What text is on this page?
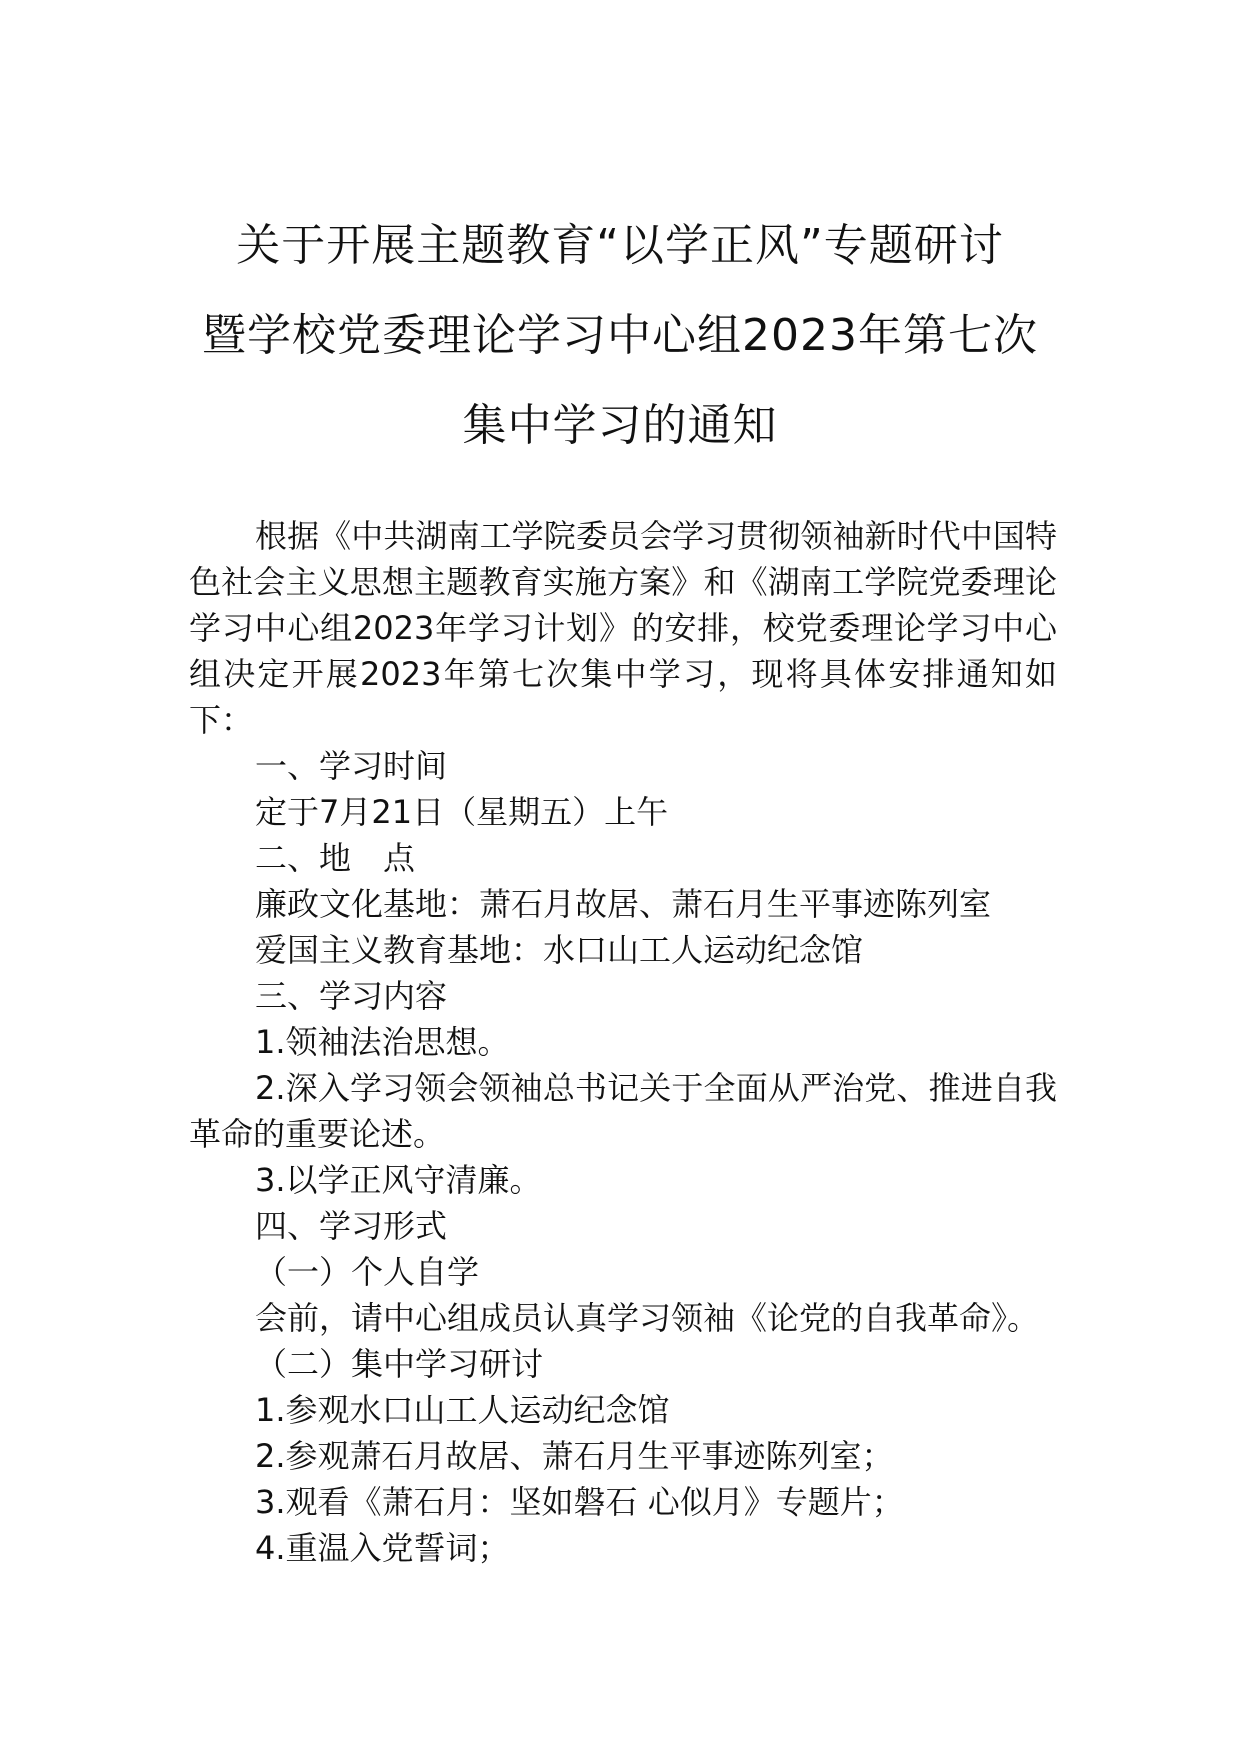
关于开展主题教育“以学正风”专题研讨
暨学校党委理论学习中心组2023年第七次
集中学习的通知

根据《中共湖南工学院委员会学习贯彻领袖新时代中国特色社会主义思想主题教育实施方案》和《湖南工学院党委理论学习中心组2023年学习计划》的安排，校党委理论学习中心组决定开展2023年第七次集中学习，现将具体安排通知如下：

一、学习时间

定于7月21日（星期五）上午

二、地　点

廉政文化基地：萧石月故居、萧石月生平事迹陈列室

爱国主义教育基地：水口山工人运动纪念馆

三、学习内容

1.领袖法治思想。

2.深入学习领会领袖总书记关于全面从严治党、推进自我革命的重要论述。

3.以学正风守清廉。

四、学习形式

（一）个人自学

会前，请中心组成员认真学习领袖《论党的自我革命》。

（二）集中学习研讨

1.参观水口山工人运动纪念馆

2.参观萧石月故居、萧石月生平事迹陈列室；

3.观看《萧石月：坚如磐石 心似月》专题片；

4.重温入党誓词；
